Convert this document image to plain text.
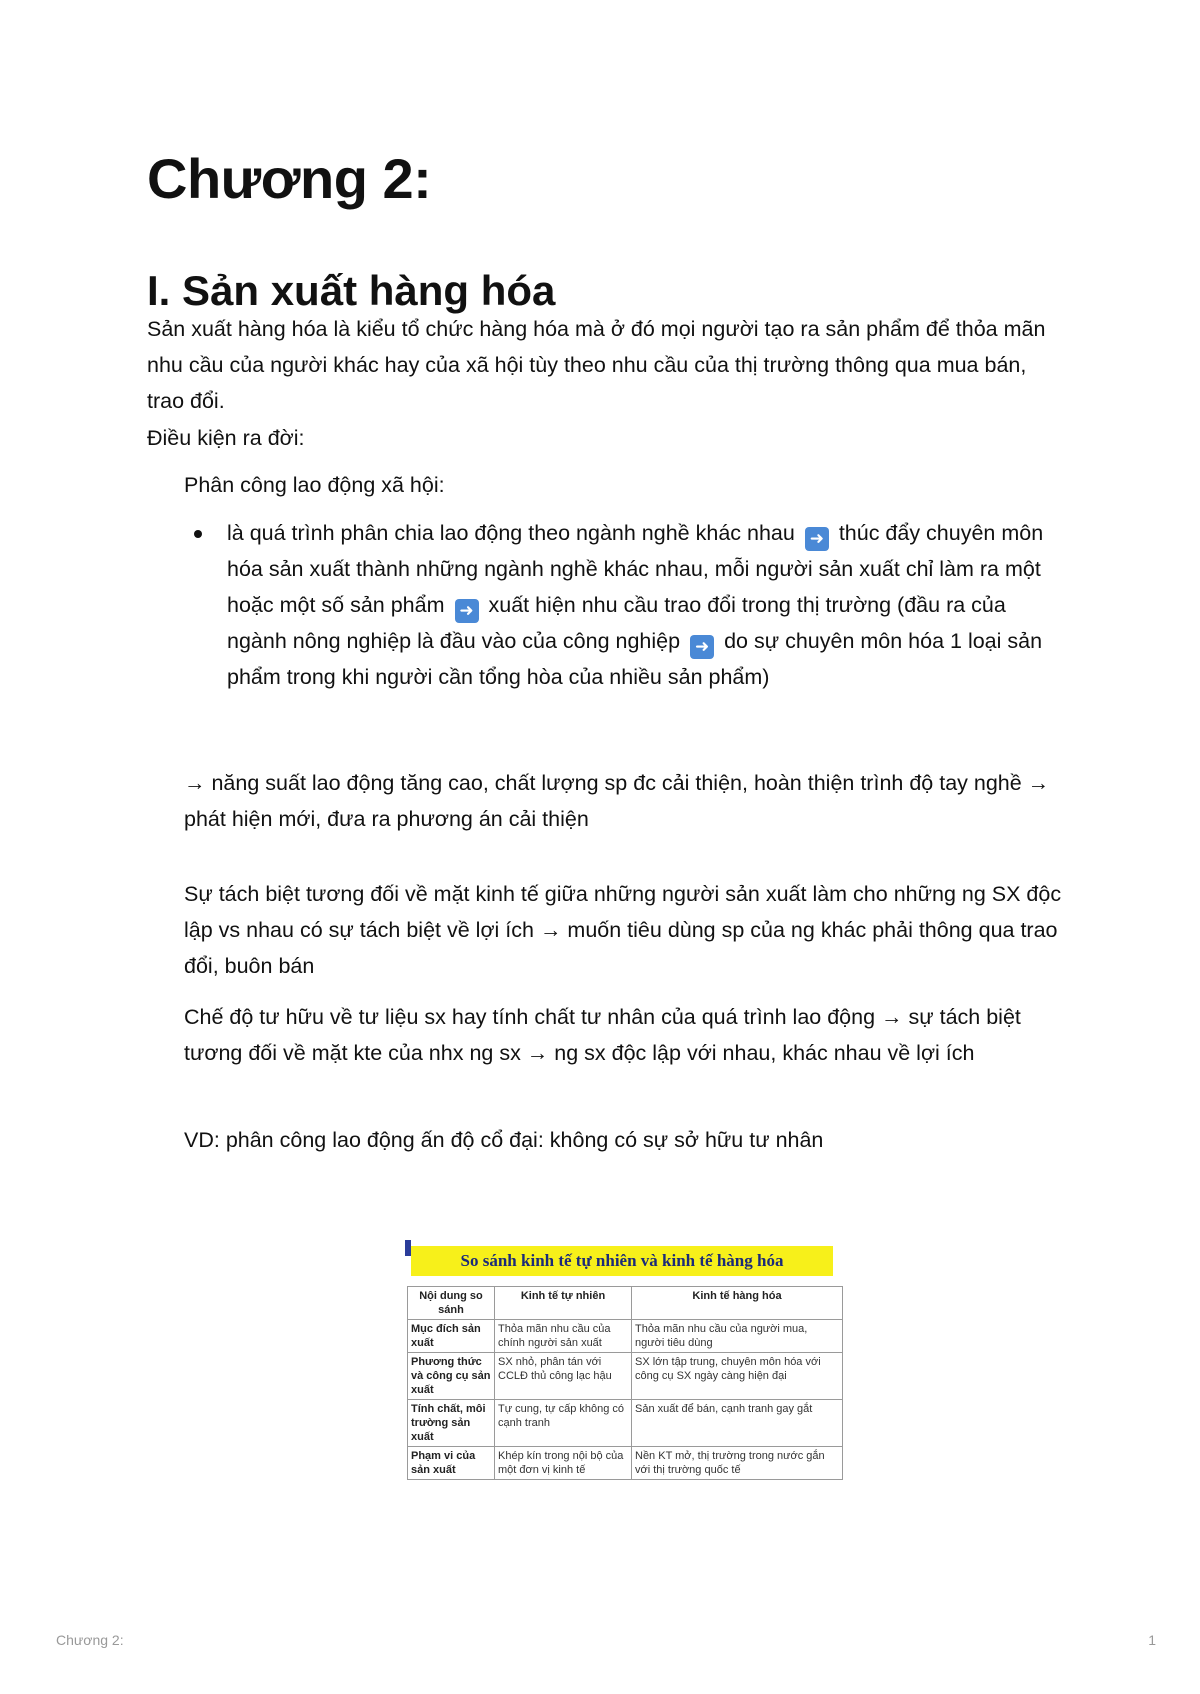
Chương 2:
I. Sản xuất hàng hóa

Sản xuất hàng hóa là kiểu tổ chức hàng hóa mà ở đó mọi người tạo ra sản phẩm để thỏa mãn nhu cầu của người khác hay của xã hội tùy theo nhu cầu của thị trường thông qua mua bán, trao đổi.

Điều kiện ra đời:

Phân công lao động xã hội:

là quá trình phân chia lao động theo ngành nghề khác nhau ➜ thúc đẩy chuyên môn hóa sản xuất thành những ngành nghề khác nhau, mỗi người sản xuất chỉ làm ra một hoặc một số sản phẩm ➜ xuất hiện nhu cầu trao đổi trong thị trường (đầu ra của ngành nông nghiệp là đầu vào của công nghiệp ➜ do sự chuyên môn hóa 1 loại sản phẩm trong khi người cần tổng hòa của nhiều sản phẩm)

→ năng suất lao động tăng cao, chất lượng sp đc cải thiện, hoàn thiện trình độ tay nghề → phát hiện mới, đưa ra phương án cải thiện

Sự tách biệt tương đối về mặt kinh tế giữa những người sản xuất làm cho những ng SX độc lập vs nhau có sự tách biệt về lợi ích → muốn tiêu dùng sp của ng khác phải thông qua trao đổi, buôn bán

Chế độ tư hữu về tư liệu sx hay tính chất tư nhân của quá trình lao động → sự tách biệt tương đối về mặt kte của nhx ng sx → ng sx độc lập với nhau, khác nhau về lợi ích

VD: phân công lao động ấn độ cổ đại: không có sự sở hữu tư nhân

So sánh kinh tế tự nhiên và kinh tế hàng hóa
Nội dung so sánh	Kinh tế tự nhiên	Kinh tế hàng hóa
Mục đích sản xuất	Thỏa mãn nhu cầu của chính người sản xuất	Thỏa mãn nhu cầu của người mua, người tiêu dùng
Phương thức và công cụ sản xuất	SX nhỏ, phân tán với CCLĐ thủ công lạc hậu	SX lớn tập trung, chuyên môn hóa với công cụ SX ngày càng hiện đại
Tính chất, môi trường sản xuất	Tự cung, tự cấp không có cạnh tranh	Sản xuất để bán, cạnh tranh gay gắt
Phạm vi của sản xuất	Khép kín trong nội bộ của một đơn vị kinh tế	Nền KT mở, thị trường trong nước gắn với thị trường quốc tế
Chương 2:	1
